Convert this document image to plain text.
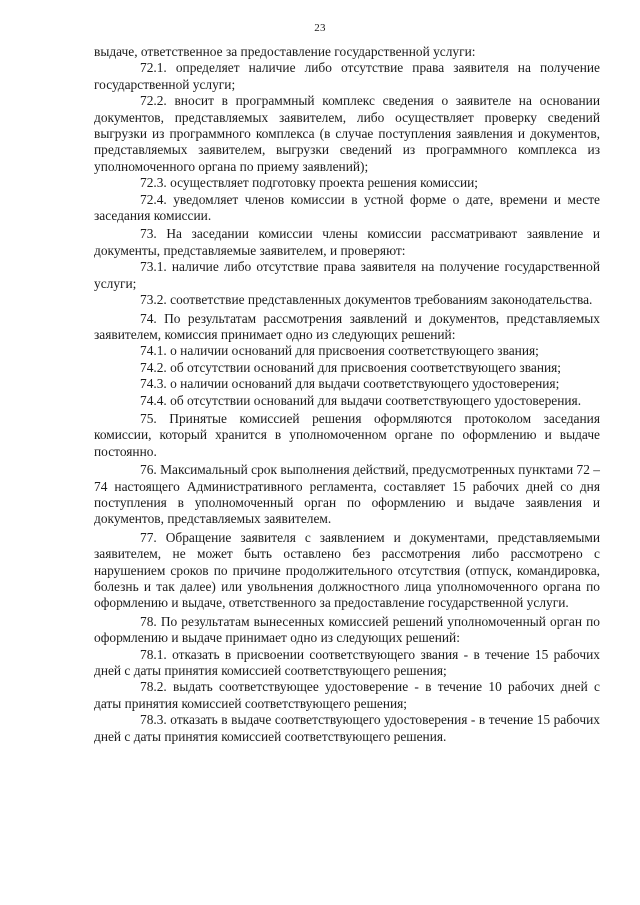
23

выдаче, ответственное за предоставление государственной услуги:

72.1. определяет наличие либо отсутствие права заявителя на получение государственной услуги;

72.2. вносит в программный комплекс сведения о заявителе на основании документов, представляемых заявителем, либо осуществляет проверку сведений выгрузки из программного комплекса (в случае поступления заявления и документов, представляемых заявителем, выгрузки сведений из программного комплекса из уполномоченного органа по приему заявлений);

72.3. осуществляет подготовку проекта решения комиссии;

72.4. уведомляет членов комиссии в устной форме о дате, времени и месте заседания комиссии.

73. На заседании комиссии члены комиссии рассматривают заявление и документы, представляемые заявителем, и проверяют:

73.1. наличие либо отсутствие права заявителя на получение государственной услуги;

73.2. соответствие представленных документов требованиям законодательства.

74. По результатам рассмотрения заявлений и документов, представляемых заявителем, комиссия принимает одно из следующих решений:

74.1. о наличии оснований для присвоения соответствующего звания;

74.2. об отсутствии оснований для присвоения соответствующего звания;

74.3. о наличии оснований для выдачи соответствующего удостоверения;

74.4. об отсутствии оснований для выдачи соответствующего удостоверения.

75. Принятые комиссией решения оформляются протоколом заседания комиссии, который хранится в уполномоченном органе по оформлению и выдаче постоянно.

76. Максимальный срок выполнения действий, предусмотренных пунктами 72 – 74 настоящего Административного регламента, составляет 15 рабочих дней со дня поступления в уполномоченный орган по оформлению и выдаче заявления и документов, представляемых заявителем.

77. Обращение заявителя с заявлением и документами, представляемыми заявителем, не может быть оставлено без рассмотрения либо рассмотрено с нарушением сроков по причине продолжительного отсутствия (отпуск, командировка, болезнь и так далее) или увольнения должностного лица уполномоченного органа по оформлению и выдаче, ответственного за предоставление государственной услуги.

78. По результатам вынесенных комиссией решений уполномоченный орган по оформлению и выдаче принимает одно из следующих решений:

78.1. отказать в присвоении соответствующего звания - в течение 15 рабочих дней с даты принятия комиссией соответствующего решения;

78.2. выдать соответствующее удостоверение - в течение 10 рабочих дней с даты принятия комиссией соответствующего решения;

78.3. отказать в выдаче соответствующего удостоверения - в течение 15 рабочих дней с даты принятия комиссией соответствующего решения.
